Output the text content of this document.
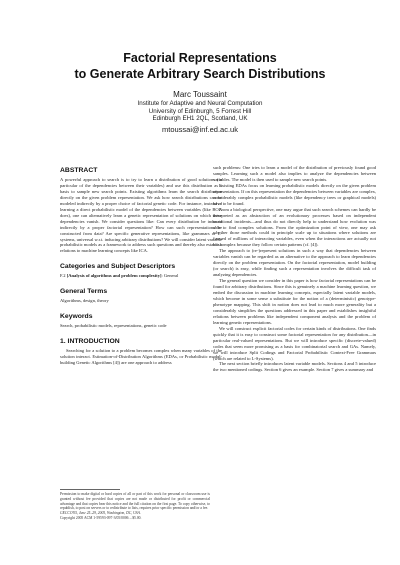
Factorial Representations
to Generate Arbitrary Search Distributions
Marc Toussaint
Institute for Adaptive and Neural Computation
University of Edinburgh, 5 Forrest Hill
Edinburgh EH1 2QL, Scotland, UK
mtoussai@inf.ed.ac.uk
ABSTRACT

A powerful approach to search is to try to learn a distribution of good solutions (in particular of the dependencies between their variables) and use this distribution as a basis to sample new search points. Existing algorithms learn the search distribution directly on the given problem representation. We ask how search distributions can be modeled indirectly by a proper choice of factorial genetic code. For instance, instead of learning a direct probabilistic model of the dependencies between variables (like BOA does), one can alternatively learn a genetic representation of solutions on which these dependencies vanish. We consider questions like: Can every distribution be induced indirectly by a proper factorial representation? How can such representations be constructed from data? Are specific generative representations, like grammars or L-systems, universal w.r.t. inducing arbitrary distributions? We will consider latent variable probabilistic models as a framework to address such questions and thereby also establish relations to machine learning concepts like ICA.

Categories and Subject Descriptors

F.2 [Analysis of algorithms and problem complexity]: General

General Terms

Algorithms, design, theory

Keywords

Search, probabilistic models, representations, genetic code

1. INTRODUCTION

Searching for a solution to a problem becomes complex when many variables of the solution interact. Estimation-of-Distribution Algorithms (EDAs, or Probabilistic model-building Genetic Algorithms [4]) are one approach to address

Permission to make digital or hard copies of all or part of this work for personal or classroom use is granted without fee provided that copies are not made or distributed for profit or commercial advantage and that copies bear this notice and the full citation on the first page. To copy otherwise, to republish, to post on servers or to redistribute to lists, requires prior specific permission and/or a fee.
GECCO'05, June 25–29, 2005, Washington, DC, USA.
Copyright 2005 ACM 1-59593-097-3/05/0006 ...$5.00.

such problems: One tries to learn a model of the distribution of previously found good samples. Learning such a model also implies to analyze the dependencies between variables. The model is then used to sample new search points.

Existing EDAs focus on learning probabilistic models directly on the given problem representation. If on this representation the dependencies between variables are complex, considerably complex probabilistic models (like dependency trees or graphical models) have to be found.

From a biological perspective, one may argue that such search schemes can hardly be interpreted as an abstraction of an evolutionary processes based on independent mutational incidents—and thus do not directly help to understand how evolution was able to find complex solutions. From the optimization point of view, one may ask whether those methods could in principle scale up to situations where solutions are formed of millions of interacting variables, even when the interactions are actually not too complex because they follow certain patterns (cf. [4]).

The approach to (re-)represent solutions in such a way that dependencies between variables vanish can be regarded as an alternative to the approach to learn dependencies directly on the problem representation. On the factorial representation, model building (or search) is easy, while finding such a representation involves the difficult task of analyzing dependencies.

The general question we consider in this paper is how factorial representations can be found for arbitrary distributions. Since this is genuinely a machine learning question, we embed the discussion in machine learning concepts, especially latent variable models, which become in some sense a substitute for the notion of a (deterministic) genotype-phenotype mapping. This shift in notion does not lead to much more generality but a considerably simplifies the questions addressed in this paper and establishes insightful relations between problems like independent component analysis and the problem of learning genetic representations.

We will construct explicit factorial codes for certain kinds of distributions. One finds quickly that it is easy to construct some factorial representation for any distribution—in particular real-valued representations. But we will introduce specific (discrete-valued) codes that seem more promising as a basis for combinatorial search and GAs. Namely, we will introduce Split Codings and Factorial Probabilistic Context-Free Grammars (which are related to L-Systems).

The next section briefly introduces latent variable models. Sections 4 and 5 introduce the two mentioned codings. Section 6 gives an example. Section 7 gives a summary and
